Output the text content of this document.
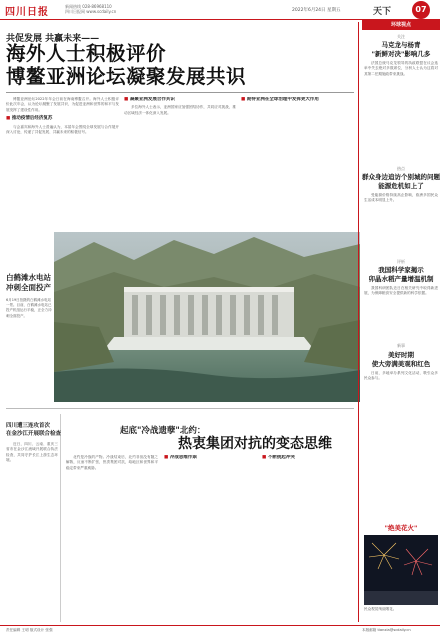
四川日报
新闻热线 028-86968110
四川日报网 www.scdaily.cn	2022年6月24日 星期五	天下	07
共促发展 共赢未来——
海外人士积极评价
博鳌亚洲论坛凝聚发展共识

博鳌亚洲论坛2022年年会日前在海南博鳌召开。海外人士积极评价此次年会，认为论坛凝聚了发展共识，为促进亚洲和世界的和平与发展发挥了建设性作用。

■ 推动疫情后经济复苏

与会嘉宾和海外人士普遍认为，本届年会围绕全球发展与合作展开深入讨论，传递了共促发展、共赢未来的积极信号。

■ 凝聚亚洲发展合作共识

多位海外人士表示，亚洲国家应加强团结协作，共同应对挑战，推动区域经济一体化深入发展。

■ 期待亚洲在全球治理中发挥更大作用
白鹤滩水电站
冲刺全面投产
6月19日拍摄的白鹤滩水电站一景。目前，白鹤滩水电站已投产机组运行平稳，正全力冲刺全面投产。
四川遭三连攻首次
在金沙江开展联合检查

近日，四川、云南、重庆三省市在金沙江流域开展联合执法检查，共同守护长江上游生态环境。

起底"冷战遗孽"北约：
热衷集团对抗的变态思维

北约是冷战的产物。冷战结束后，北约非但没有随之解散，反而不断扩张，热衷集团对抗，给地区和世界和平稳定带来严重威胁。

■ 冷战思维作祟
■	不断挑起冲突
环球视点
关注
马克龙与杨青
"新鲜对决"影响几多

法国总统马克龙领导的执政联盟在议会选举中失去绝对多数席位，分析人士认为这将对其第二任期施政带来挑战。

热点
群众身边追访个别城的问题
能源危机如上了

受能源价格持续高企影响，欧洲多国民众生活成本明显上升。

评析
我国科学家揭示
卯晶水稻产量增温机制

我国科研团队近日在相关研究中取得新进展，为保障粮食安全提供新的科学依据。

新事
美好时期
使大旁满美观和红色

日前，多地举办系列文化活动，吸引众多民众参与。

"绝美花火"
民众观赏绚丽烟花。
责任编辑 王明 版式设计 张强	本版邮箱 tianxia@scdaily.cn
